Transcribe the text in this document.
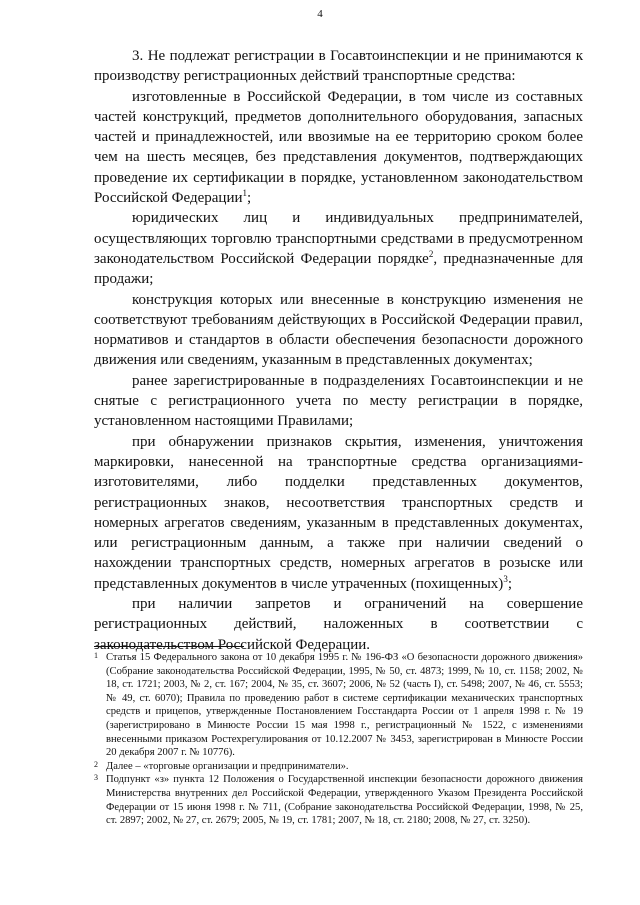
4

3. Не подлежат регистрации в Госавтоинспекции и не принимаются к производству регистрационных действий транспортные средства:

изготовленные в Российской Федерации, в том числе из составных частей конструкций, предметов дополнительного оборудования, запасных частей и принадлежностей, или ввозимые на ее территорию сроком более чем на шесть месяцев, без представления документов, подтверждающих проведение их сертификации в порядке, установленном законодательством Российской Федерации$^1$;

юридических лиц и индивидуальных предпринимателей, осуществляющих торговлю транспортными средствами в предусмотренном законодательством Российской Федерации порядке$^2$, предназначенные для продажи;

конструкция которых или внесенные в конструкцию изменения не соответствуют требованиям действующих в Российской Федерации правил, нормативов и стандартов в области обеспечения безопасности дорожного движения или сведениям, указанным в представленных документах;

ранее зарегистрированные в подразделениях Госавтоинспекции и не снятые с регистрационного учета по месту регистрации в порядке, установленном настоящими Правилами;

при обнаружении признаков скрытия, изменения, уничтожения маркировки, нанесенной на транспортные средства организациями-изготовителями, либо подделки представленных документов, регистрационных знаков, несоответствия транспортных средств и номерных агрегатов сведениям, указанным в представленных документах, или регистрационным данным, а также при наличии сведений о нахождении транспортных средств, номерных агрегатов в розыске или представленных документов в числе утраченных (похищенных)$^3$;

при наличии запретов и ограничений на совершение регистрационных действий, наложенных в соответствии с законодательством Российской Федерации.

1 Статья 15 Федерального закона от 10 декабря 1995 г. № 196-ФЗ «О безопасности дорожного движения» (Собрание законодательства Российской Федерации, 1995, № 50, ст. 4873; 1999, № 10, ст. 1158; 2002, № 18, ст. 1721; 2003, № 2, ст. 167; 2004, № 35, ст. 3607; 2006, № 52 (часть I), ст. 5498; 2007, № 46, ст. 5553; № 49, ст. 6070); Правила по проведению работ в системе сертификации механических транспортных средств и прицепов, утвержденные Постановлением Госстандарта России от 1 апреля 1998 г. № 19 (зарегистрировано в Минюсте России 15 мая 1998 г., регистрационный № 1522, с изменениями внесенными приказом Ростехрегулирования от 10.12.2007 № 3453, зарегистрирован в Минюсте России 20 декабря 2007 г. № 10776).

2 Далее – «торговые организации и предприниматели».

3 Подпункт «з» пункта 12 Положения о Государственной инспекции безопасности дорожного движения Министерства внутренних дел Российской Федерации, утвержденного Указом Президента Российской Федерации от 15 июня 1998 г. № 711, (Собрание законодательства Российской Федерации, 1998, № 25, ст. 2897; 2002, № 27, ст. 2679; 2005, № 19, ст. 1781; 2007, № 18, ст. 2180; 2008, № 27, ст. 3250).
